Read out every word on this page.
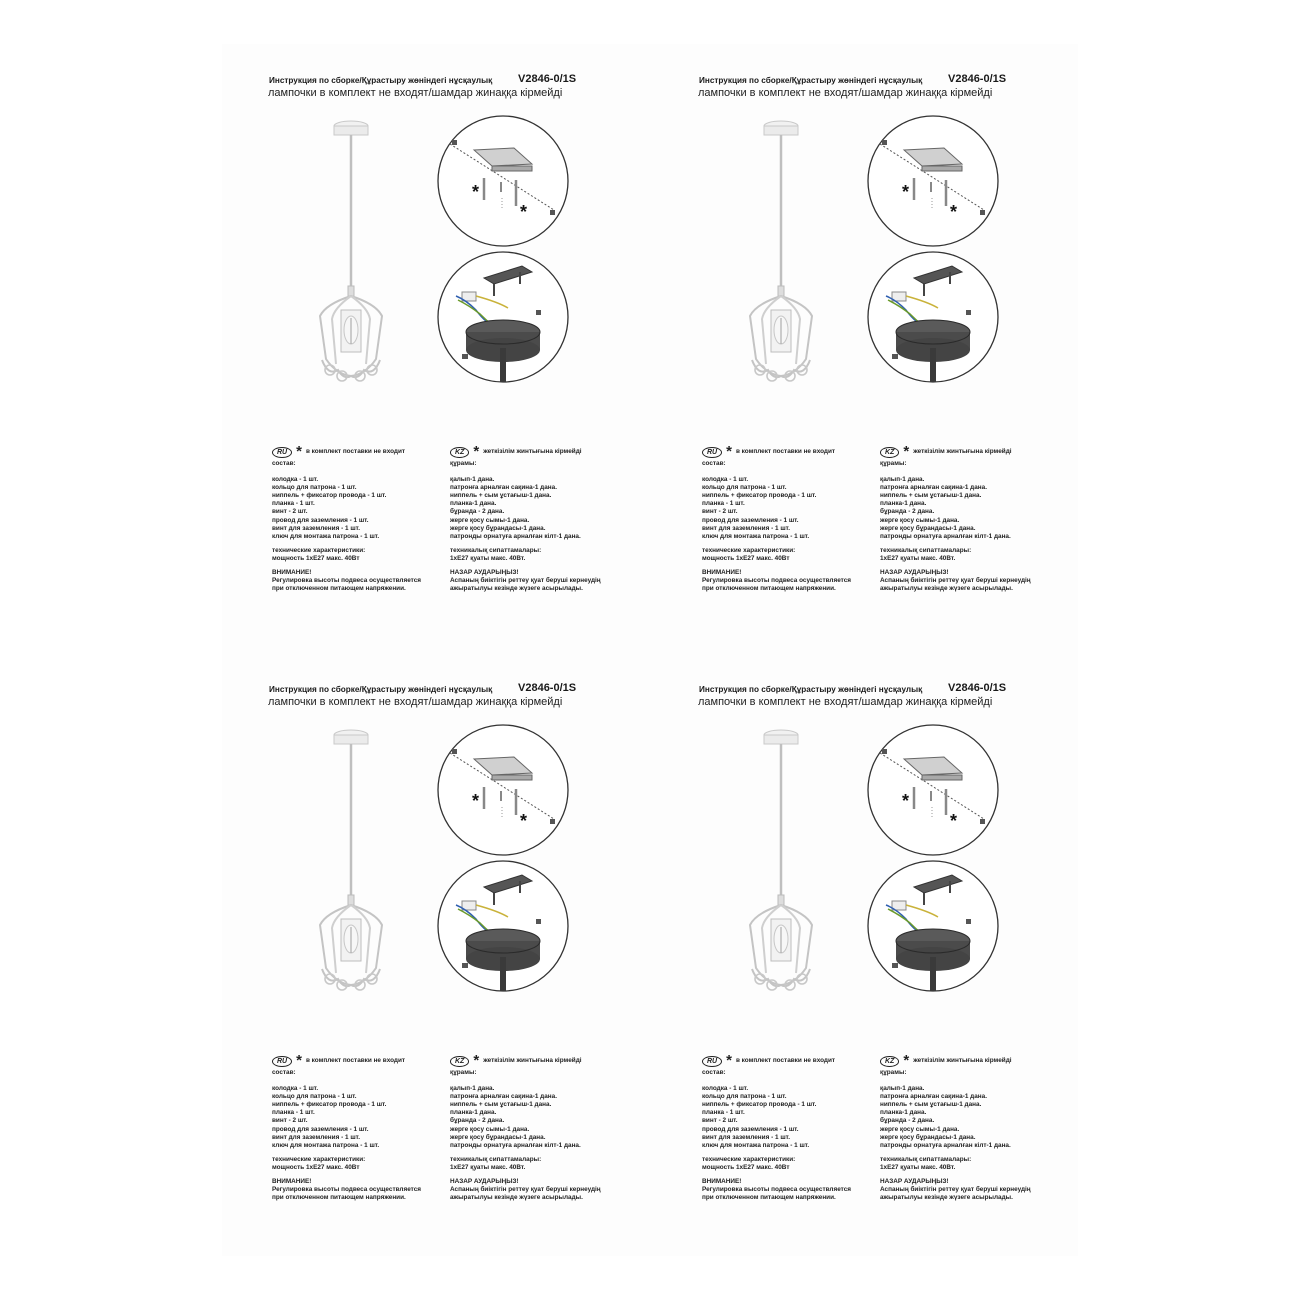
Инструкция по сборке/Құрастыру жөніндегі нұсқаулық V2846-0/1S
лампочки в комплект не входят/шамдар жинаққа кірмейді
*
*
RU * в комплект поставки не входит
состав:
колодка - 1 шт.
кольцо для патрона - 1 шт.
ниппель + фиксатор провода - 1 шт.
планка - 1 шт.
винт - 2 шт.
провод для заземления - 1 шт.
винт для заземления - 1 шт.
ключ для монтажа патрона - 1 шт.
технические характеристики:
мощность 1хЕ27 макс. 40Вт
ВНИМАНИЕ!
Регулировка высоты подвеса осуществляется
при отключенном питающем напряжении.
KZ * жеткізілім жинтығына кірмейді
құрамы:
қалып-1 дана.
патронға арналған сақина-1 дана.
ниппель + сым ұстағыш-1 дана.
планка-1 дана.
бұранда - 2 дана.
жерге қосу сымы-1 дана.
жерге қосу бұрандасы-1 дана.
патронды орнатуға арналған кілт-1 дана.
техникалық сипаттамалары:
1хЕ27 қуаты макс. 40Вт.
НАЗАР АУДАРЫҢЫЗ!
Аспаның биіктігін реттеу қуат беруші кернеудің
ажыратылуы кезінде жүзеге асырылады.
Инструкция по сборке/Құрастыру жөніндегі нұсқаулық V2846-0/1S
лампочки в комплект не входят/шамдар жинаққа кірмейді
*
*
RU * в комплект поставки не входит
состав:
колодка - 1 шт.
кольцо для патрона - 1 шт.
ниппель + фиксатор провода - 1 шт.
планка - 1 шт.
винт - 2 шт.
провод для заземления - 1 шт.
винт для заземления - 1 шт.
ключ для монтажа патрона - 1 шт.
технические характеристики:
мощность 1хЕ27 макс. 40Вт
ВНИМАНИЕ!
Регулировка высоты подвеса осуществляется
при отключенном питающем напряжении.
KZ * жеткізілім жинтығына кірмейді
құрамы:
қалып-1 дана.
патронға арналған сақина-1 дана.
ниппель + сым ұстағыш-1 дана.
планка-1 дана.
бұранда - 2 дана.
жерге қосу сымы-1 дана.
жерге қосу бұрандасы-1 дана.
патронды орнатуға арналған кілт-1 дана.
техникалық сипаттамалары:
1хЕ27 қуаты макс. 40Вт.
НАЗАР АУДАРЫҢЫЗ!
Аспаның биіктігін реттеу қуат беруші кернеудің
ажыратылуы кезінде жүзеге асырылады.
Инструкция по сборке/Құрастыру жөніндегі нұсқаулық V2846-0/1S
лампочки в комплект не входят/шамдар жинаққа кірмейді
*
*
RU * в комплект поставки не входит
состав:
колодка - 1 шт.
кольцо для патрона - 1 шт.
ниппель + фиксатор провода - 1 шт.
планка - 1 шт.
винт - 2 шт.
провод для заземления - 1 шт.
винт для заземления - 1 шт.
ключ для монтажа патрона - 1 шт.
технические характеристики:
мощность 1хЕ27 макс. 40Вт
ВНИМАНИЕ!
Регулировка высоты подвеса осуществляется
при отключенном питающем напряжении.
KZ * жеткізілім жинтығына кірмейді
құрамы:
қалып-1 дана.
патронға арналған сақина-1 дана.
ниппель + сым ұстағыш-1 дана.
планка-1 дана.
бұранда - 2 дана.
жерге қосу сымы-1 дана.
жерге қосу бұрандасы-1 дана.
патронды орнатуға арналған кілт-1 дана.
техникалық сипаттамалары:
1хЕ27 қуаты макс. 40Вт.
НАЗАР АУДАРЫҢЫЗ!
Аспаның биіктігін реттеу қуат беруші кернеудің
ажыратылуы кезінде жүзеге асырылады.
Инструкция по сборке/Құрастыру жөніндегі нұсқаулық V2846-0/1S
лампочки в комплект не входят/шамдар жинаққа кірмейді
*
*
RU * в комплект поставки не входит
состав:
колодка - 1 шт.
кольцо для патрона - 1 шт.
ниппель + фиксатор провода - 1 шт.
планка - 1 шт.
винт - 2 шт.
провод для заземления - 1 шт.
винт для заземления - 1 шт.
ключ для монтажа патрона - 1 шт.
технические характеристики:
мощность 1хЕ27 макс. 40Вт
ВНИМАНИЕ!
Регулировка высоты подвеса осуществляется
при отключенном питающем напряжении.
KZ * жеткізілім жинтығына кірмейді
құрамы:
қалып-1 дана.
патронға арналған сақина-1 дана.
ниппель + сым ұстағыш-1 дана.
планка-1 дана.
бұранда - 2 дана.
жерге қосу сымы-1 дана.
жерге қосу бұрандасы-1 дана.
патронды орнатуға арналған кілт-1 дана.
техникалық сипаттамалары:
1хЕ27 қуаты макс. 40Вт.
НАЗАР АУДАРЫҢЫЗ!
Аспаның биіктігін реттеу қуат беруші кернеудің
ажыратылуы кезінде жүзеге асырылады.
